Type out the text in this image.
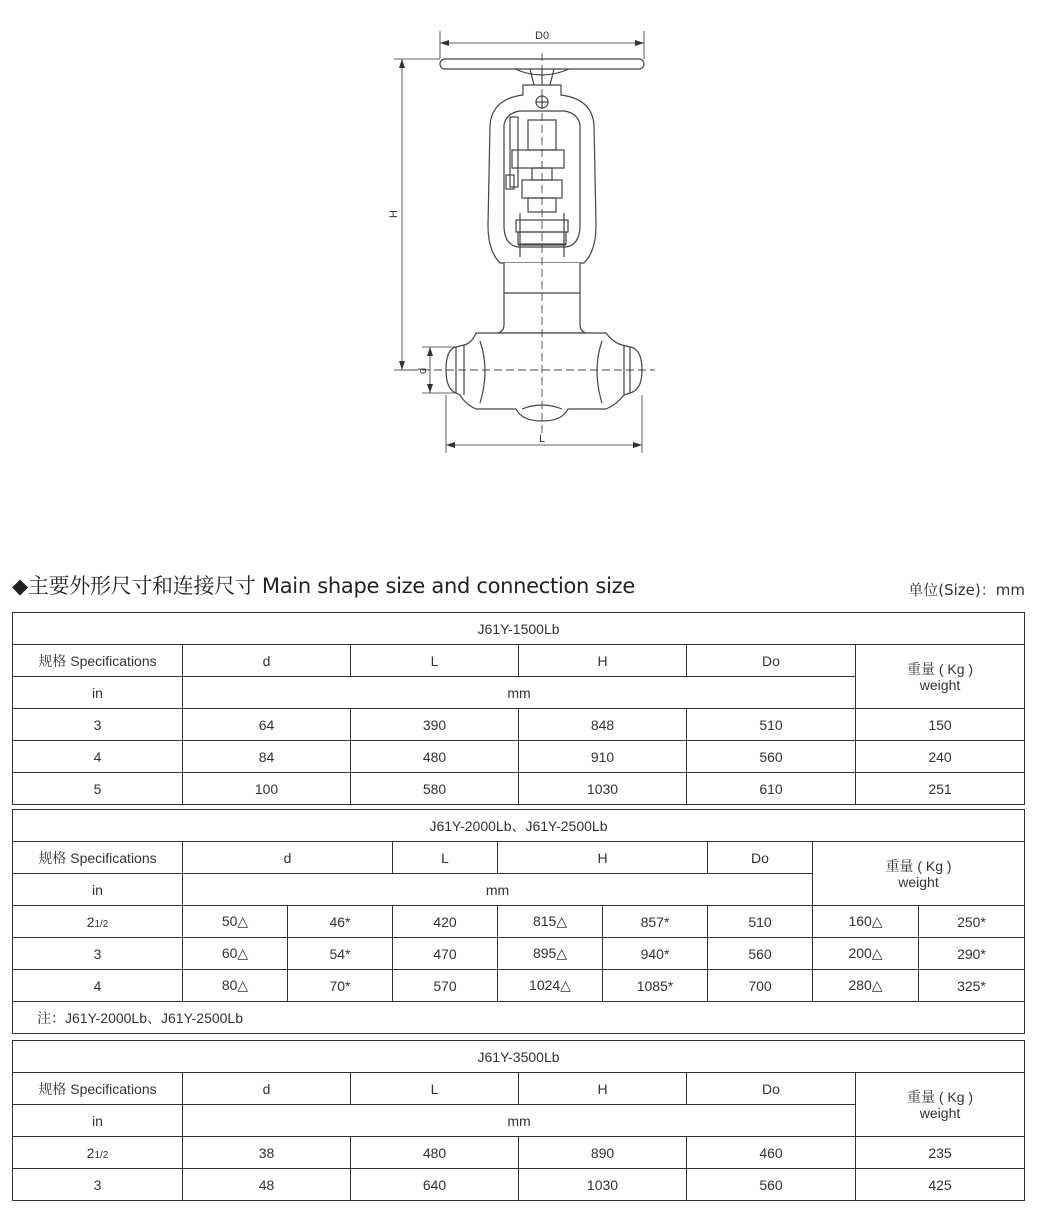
D0
H
d
L
◆主要外形尺寸和连接尺寸 Main shape size and connection size	单位(Size)：mm
J61Y-1500Lb					
规格 Specifications	d	L	H	Do	重量 ( Kg )
weight
in	mm				
3	64	390	848	510	150
4	84	480	910	560	240
5	100	580	1030	610	251
J61Y-2000Lb、J61Y-2500Lb								
规格 Specifications	d		L	H		Do	重量 ( Kg )
weight	
in	mm							
21/2	50△	46*	420	815△	857*	510	160△	250*
3	60△	54*	470	895△	940*	560	200△	290*
4	80△	70*	570	1024△	1085*	700	280△	325*
注：J61Y-2000Lb、J61Y-2500Lb								
J61Y-3500Lb					
规格 Specifications	d	L	H	Do	重量 ( Kg )
weight
in	mm				
21/2	38	480	890	460	235
3	48	640	1030	560	425
